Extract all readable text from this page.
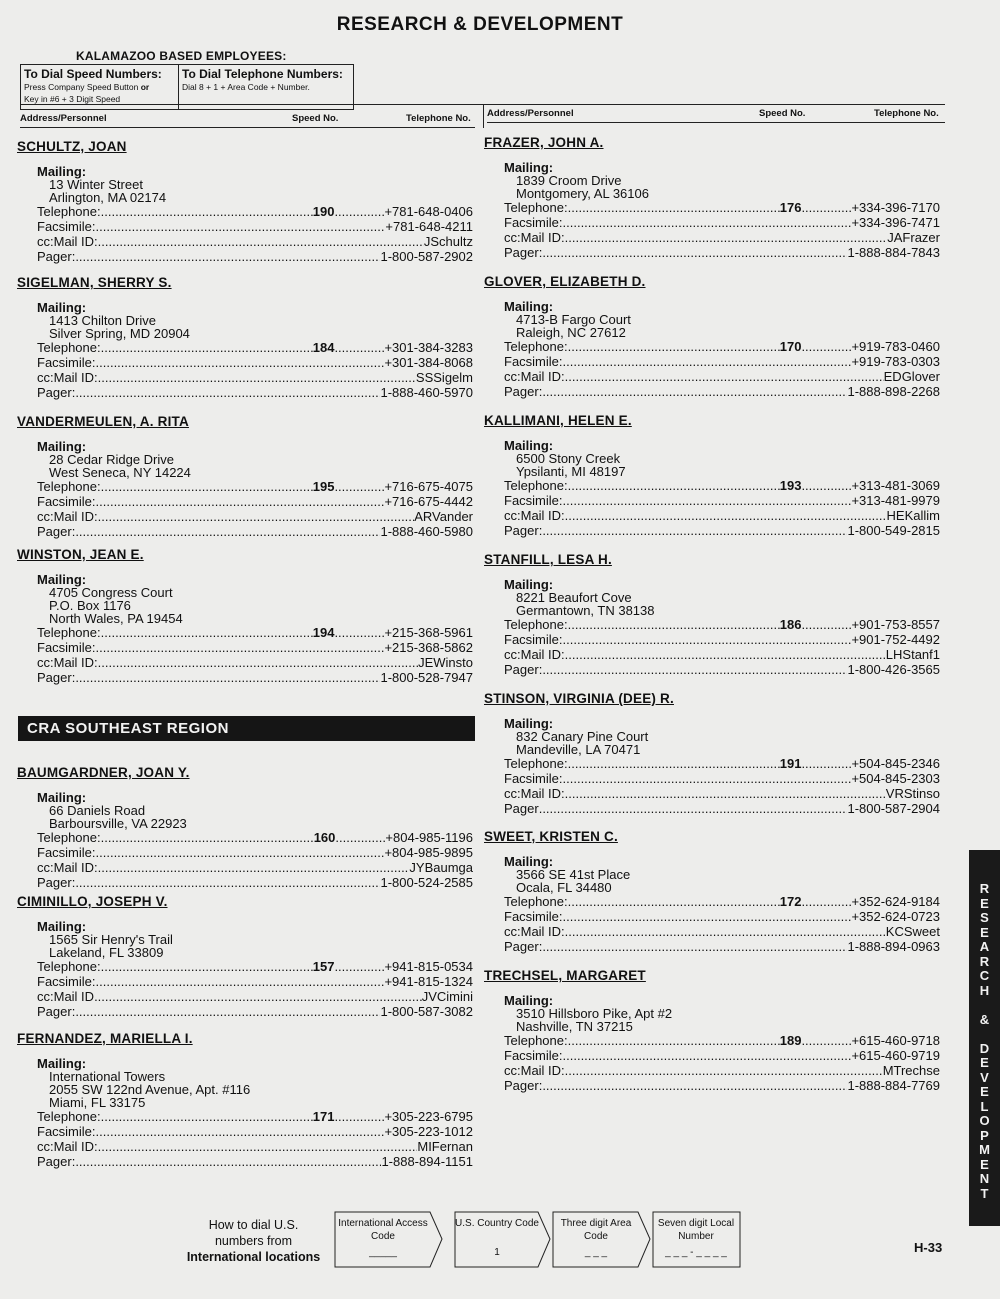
RESEARCH & DEVELOPMENT
KALAMAZOO BASED EMPLOYEES:
To Dial Speed Numbers:
Press Company Speed Button or
Key in #6 + 3 Digit Speed
To Dial Telephone Numbers:
Dial 8 + 1 + Area Code + Number.
Address/Personnel	Speed No.	Telephone No. Address/Personnel	Speed No.	Telephone No.
SCHULTZ, JOAN
Mailing:
13 Winter Street
Arlington, MA 02174
Telephone: .....	190 .....	+781-648-0406
Facsimile: .....	+781-648-4211
cc:Mail ID: .....	JSchultz
Pager: .....	1-800-587-2902
SIGELMAN, SHERRY S.
Mailing:
1413 Chilton Drive
Silver Spring, MD 20904
Telephone: .....	184 .....	+301-384-3283
Facsimile: .....	+301-384-8068
cc:Mail ID: .....	SSSigelm
Pager: .....	1-888-460-5970
VANDERMEULEN, A. RITA
Mailing:
28 Cedar Ridge Drive
West Seneca, NY 14224
Telephone: .....	195 .....	+716-675-4075
Facsimile: .....	+716-675-4442
cc:Mail ID: .....	ARVander
Pager: .....	1-888-460-5980
WINSTON, JEAN E.
Mailing:
4705 Congress Court
P.O. Box 1176
North Wales, PA 19454
Telephone: .....	194 .....	+215-368-5961
Facsimile: .....	+215-368-5862
cc:Mail ID: .....	JEWinsto
Pager: .....	1-800-528-7947
CRA SOUTHEAST REGION
BAUMGARDNER, JOAN Y.
Mailing:
66 Daniels Road
Barboursville, VA 22923
Telephone: .....	160 .....	+804-985-1196
Facsimile: .....	+804-985-9895
cc:Mail ID: .....	JYBaumga
Pager: .....	1-800-524-2585
CIMINILLO, JOSEPH V.
Mailing:
1565 Sir Henry's Trail
Lakeland, FL 33809
Telephone: .....	157 .....	+941-815-0534
Facsimile: .....	+941-815-1324
cc:Mail ID .....	JVCimini
Pager: .....	1-800-587-3082
FERNANDEZ, MARIELLA I.
Mailing:
International Towers
2055 SW 122nd Avenue, Apt. #116
Miami, FL 33175
Telephone: .....	171 .....	+305-223-6795
Facsimile: .....	+305-223-1012
cc:Mail ID: .....	MIFernan
Pager: .....	1-888-894-1151
FRAZER, JOHN A.
Mailing:
1839 Croom Drive
Montgomery, AL 36106
Telephone: .....	176 .....	+334-396-7170
Facsimile: .....	+334-396-7471
cc:Mail ID: .....	JAFrazer
Pager: .....	1-888-884-7843
GLOVER, ELIZABETH D.
Mailing:
4713-B Fargo Court
Raleigh, NC 27612
Telephone: .....	170 .....	+919-783-0460
Facsimile: .....	+919-783-0303
cc:Mail ID: .....	EDGlover
Pager: .....	1-888-898-2268
KALLIMANI, HELEN E.
Mailing:
6500 Stony Creek
Ypsilanti, MI 48197
Telephone: .....	193 .....	+313-481-3069
Facsimile: .....	+313-481-9979
cc:Mail ID: .....	HEKallim
Pager: .....	1-800-549-2815
STANFILL, LESA H.
Mailing:
8221 Beaufort Cove
Germantown, TN 38138
Telephone: .....	186 .....	+901-753-8557
Facsimile: .....	+901-752-4492
cc:Mail ID: .....	LHStanf1
Pager: .....	1-800-426-3565
STINSON, VIRGINIA (DEE) R.
Mailing:
832 Canary Pine Court
Mandeville, LA 70471
Telephone: .....	191 .....	+504-845-2346
Facsimile: .....	+504-845-2303
cc:Mail ID: .....	VRStinso
Pager .....	1-800-587-2904
SWEET, KRISTEN C.
Mailing:
3566 SE 41st Place
Ocala, FL 34480
Telephone: .....	172 .....	+352-624-9184
Facsimile: .....	+352-624-0723
cc:Mail ID: .....	KCSweet
Pager: .....	1-888-894-0963
TRECHSEL, MARGARET
Mailing:
3510 Hillsboro Pike, Apt #2
Nashville, TN 37215
Telephone: .....	189 .....	+615-460-9718
Facsimile: .....	+615-460-9719
cc:Mail ID: .....	MTrechse
Pager: .....	1-888-884-7769
R
E
S
E
A
R
C
H

&

D
E
V
E
L
O
P
M
E
N
T
How to dial U.S.
numbers from
International locations
International Access Code
_____
U.S. Country Code
1
Three digit Area Code
_ _ _
Seven digit Local Number
_ _ _ - _ _ _ _	H-33
